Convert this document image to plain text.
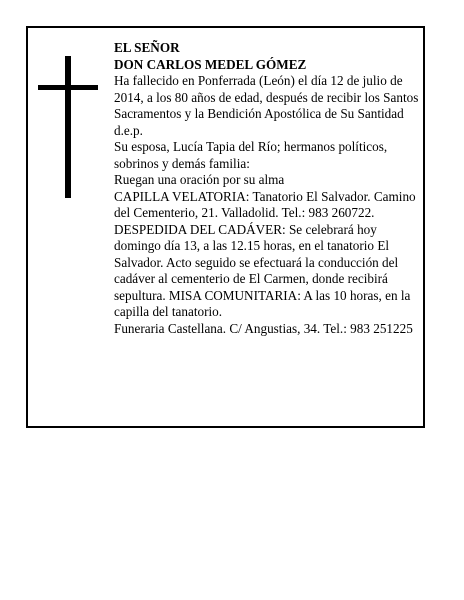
EL SEÑOR

DON CARLOS MEDEL GÓMEZ

Ha fallecido en Ponferrada (León) el día 12 de julio de 2014, a los 80 años de edad, después de recibir los Santos Sacramentos y la Bendición Apostólica de Su Santidad

d.e.p.

Su esposa, Lucía Tapia del Río; hermanos políticos, sobrinos y demás familia:

Ruegan una oración por su alma

CAPILLA VELATORIA: Tanatorio El Salvador. Camino del Cementerio, 21. Valladolid. Tel.: 983 260722. DESPEDIDA DEL CADÁVER: Se celebrará hoy domingo día 13, a las 12.15 horas, en el tanatorio El Salvador. Acto seguido se efectuará la conducción del cadáver al cementerio de El Carmen, donde recibirá sepultura. MISA COMUNITARIA: A las 10 horas, en la capilla del tanatorio.

Funeraria Castellana. C/ Angustias, 34. Tel.: 983 251225
